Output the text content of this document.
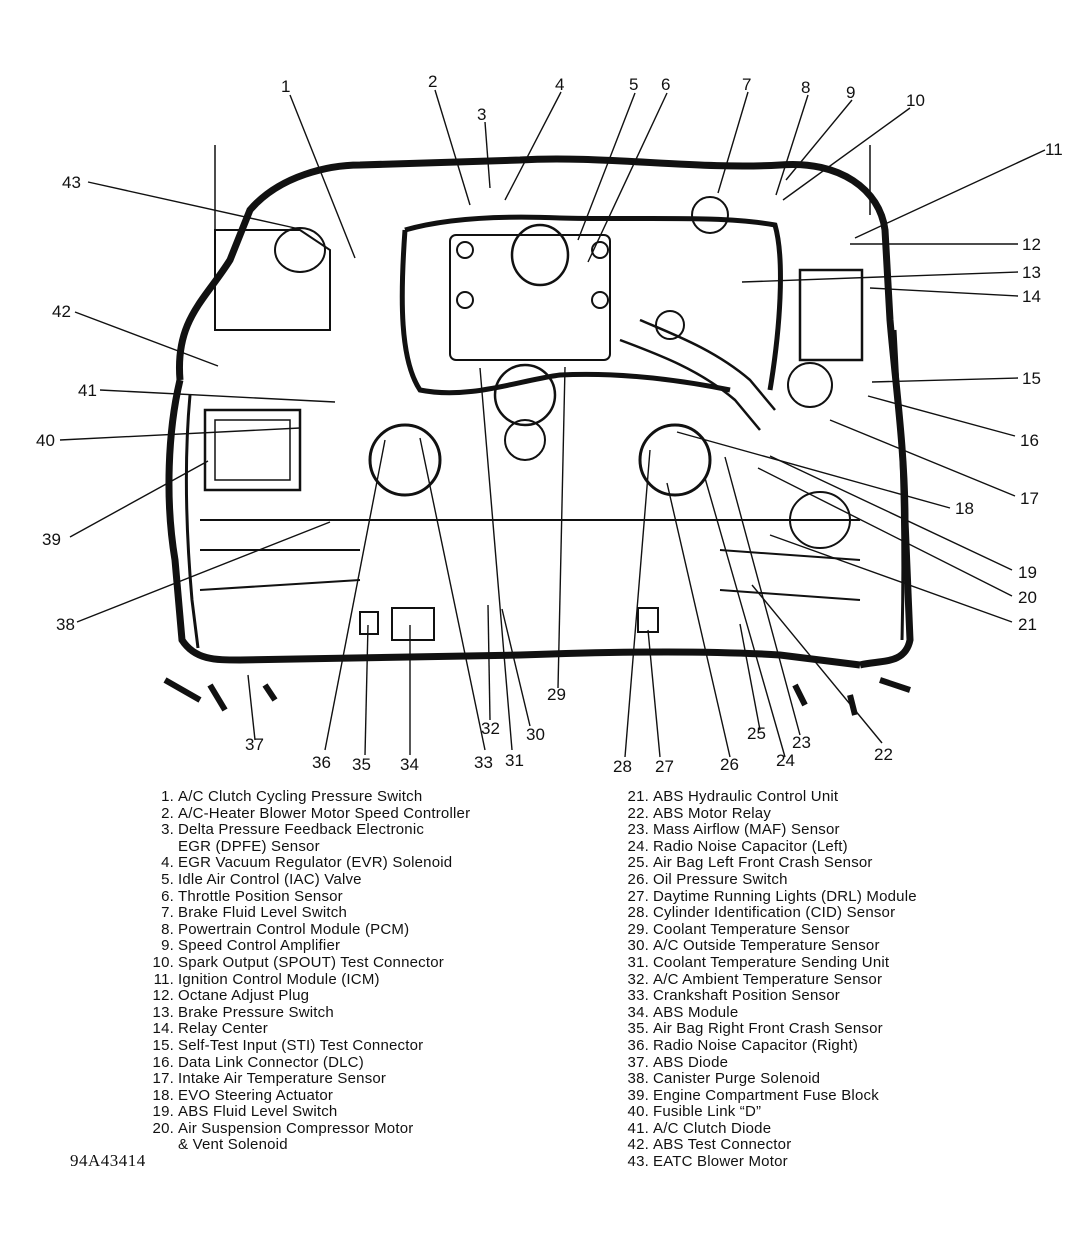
1	2
3
4	5 6	7	8 9	10
11
12
13
14
15
16
17
18
19
20
21
22
23
24
25
26
27
28
29
30
31
32
33
34
35
36
37
38
39
40
41
42
43
1. A/C Clutch Cycling Pressure Switch
2. A/C-Heater Blower Motor Speed Controller
3. Delta Pressure Feedback Electronic
EGR (DPFE) Sensor
4. EGR Vacuum Regulator (EVR) Solenoid
5. Idle Air Control (IAC) Valve
6. Throttle Position Sensor
7. Brake Fluid Level Switch
8. Powertrain Control Module (PCM)
9. Speed Control Amplifier
10. Spark Output (SPOUT) Test Connector
11. Ignition Control Module (ICM)
12. Octane Adjust Plug
13. Brake Pressure Switch
14. Relay Center
15. Self-Test Input (STI) Test Connector
16. Data Link Connector (DLC)
17. Intake Air Temperature Sensor
18. EVO Steering Actuator
19. ABS Fluid Level Switch
20. Air Suspension Compressor Motor
& Vent Solenoid
21. ABS Hydraulic Control Unit
22. ABS Motor Relay
23. Mass Airflow (MAF) Sensor
24. Radio Noise Capacitor (Left)
25. Air Bag Left Front Crash Sensor
26. Oil Pressure Switch
27. Daytime Running Lights (DRL) Module
28. Cylinder Identification (CID) Sensor
29. Coolant Temperature Sensor
30. A/C Outside Temperature Sensor
31. Coolant Temperature Sending Unit
32. A/C Ambient Temperature Sensor
33. Crankshaft Position Sensor
34. ABS Module
35. Air Bag Right Front Crash Sensor
36. Radio Noise Capacitor (Right)
37. ABS Diode
38. Canister Purge Solenoid
39. Engine Compartment Fuse Block
40. Fusible Link “D”
41. A/C Clutch Diode
42. ABS Test Connector
43. EATC Blower Motor
94A43414
